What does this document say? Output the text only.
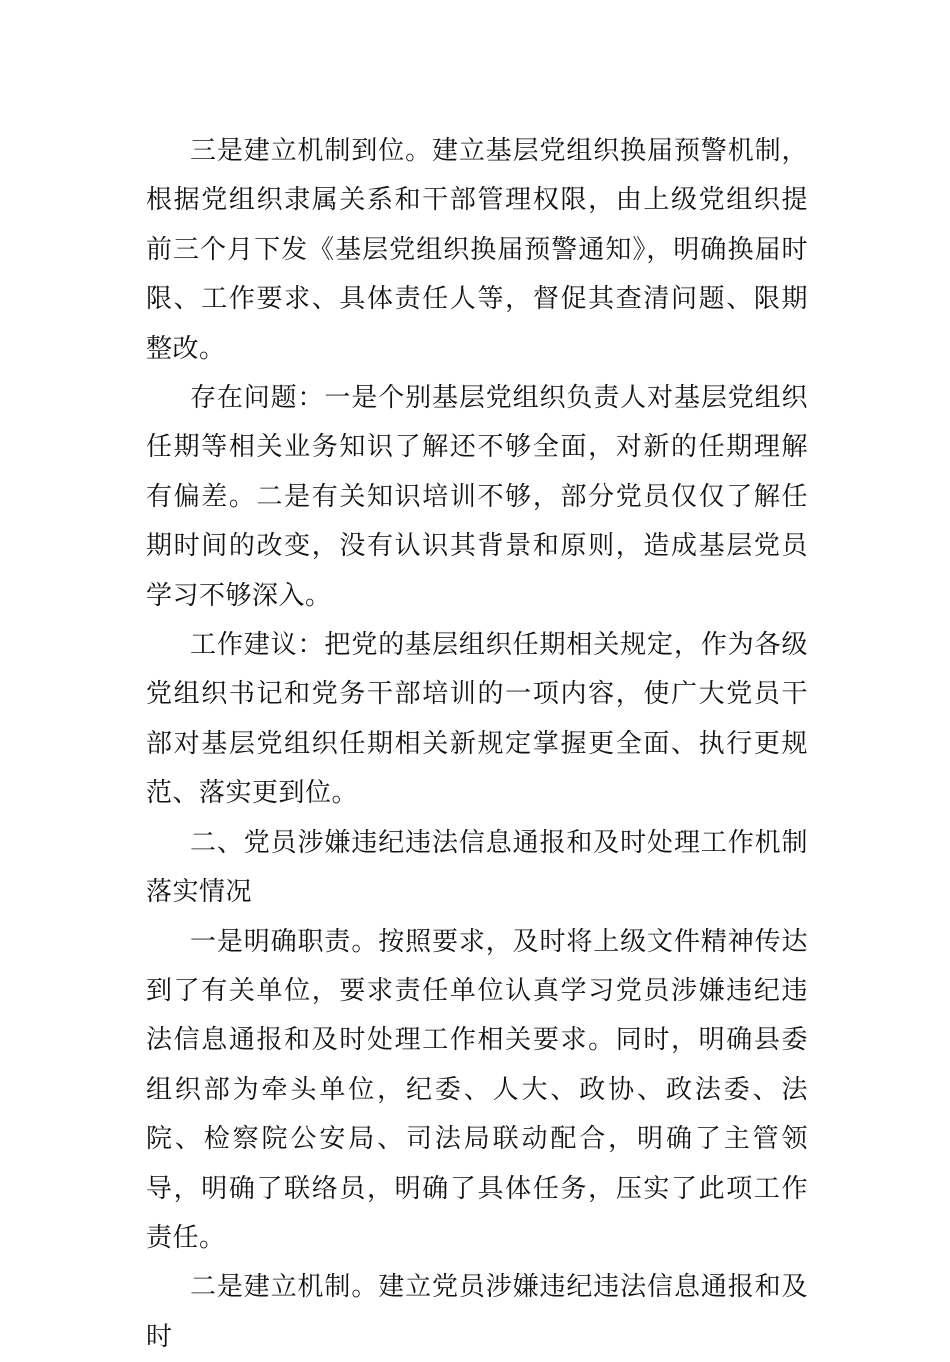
三是建立机制到位。建立基层党组织换届预警机制，根据党组织隶属关系和干部管理权限，由上级党组织提前三个月下发《基层党组织换届预警通知》，明确换届时限、工作要求、具体责任人等，督促其查清问题、限期整改。

存在问题：一是个别基层党组织负责人对基层党组织任期等相关业务知识了解还不够全面，对新的任期理解有偏差。二是有关知识培训不够，部分党员仅仅了解任期时间的改变，没有认识其背景和原则，造成基层党员学习不够深入。

工作建议：把党的基层组织任期相关规定，作为各级党组织书记和党务干部培训的一项内容，使广大党员干部对基层党组织任期相关新规定掌握更全面、执行更规范、落实更到位。

二、党员涉嫌违纪违法信息通报和及时处理工作机制落实情况

一是明确职责。按照要求，及时将上级文件精神传达到了有关单位，要求责任单位认真学习党员涉嫌违纪违法信息通报和及时处理工作相关要求。同时，明确县委组织部为牵头单位，纪委、人大、政协、政法委、法院、检察院公安局、司法局联动配合，明确了主管领导，明确了联络员，明确了具体任务，压实了此项工作责任。

二是建立机制。建立党员涉嫌违纪违法信息通报和及时
